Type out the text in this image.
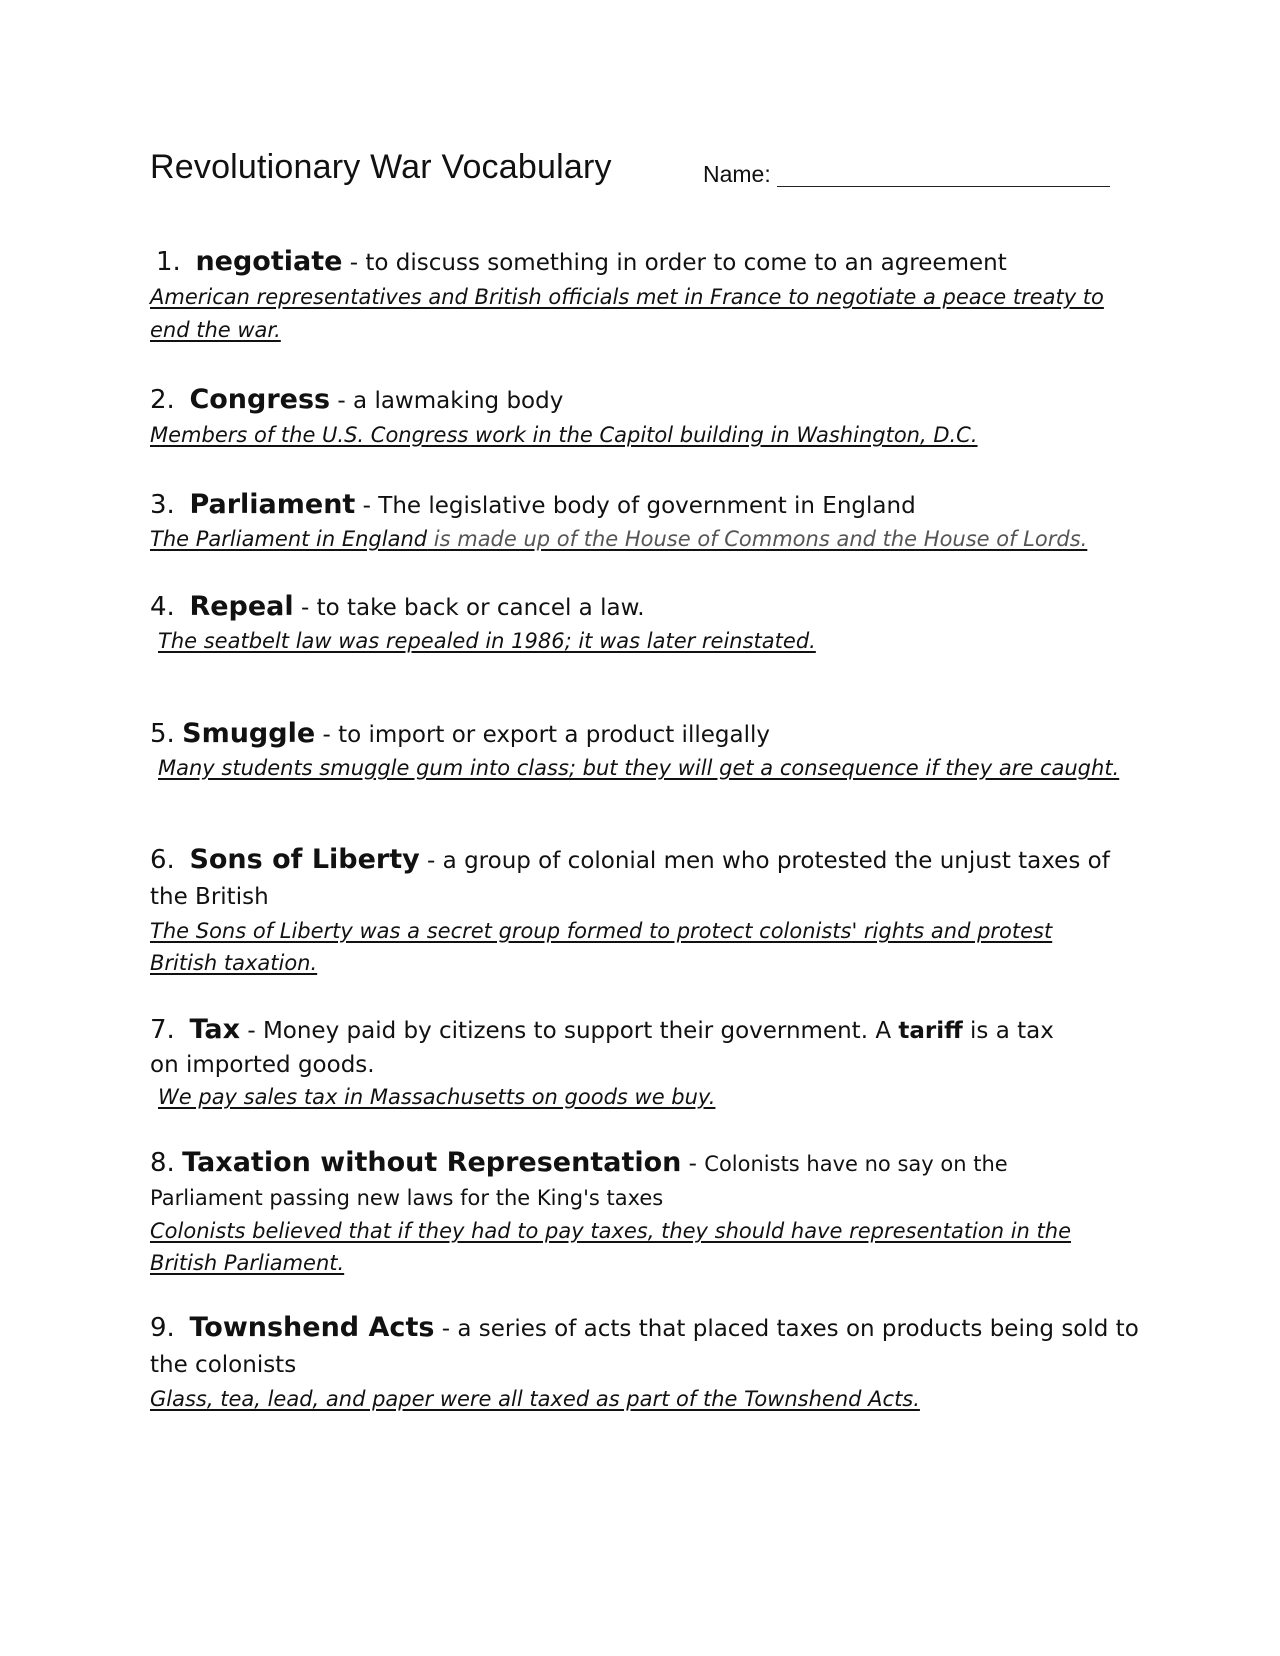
Revolutionary War Vocabulary	Name:

1. negotiate - to discuss something in order to come to an agreement

American representatives and British officials met in France to negotiate a peace treaty to end the war.

2. Congress - a lawmaking body

Members of the U.S. Congress work in the Capitol building in Washington, D.C.

3. Parliament - The legislative body of government in England

The Parliament in England is made up of the House of Commons and the House of Lords.

4. Repeal - to take back or cancel a law.

The seatbelt law was repealed in 1986; it was later reinstated.

5. Smuggle - to import or export a product illegally

Many students smuggle gum into class; but they will get a consequence if they are caught.

6. Sons of Liberty - a group of colonial men who protested the unjust taxes of the British

The Sons of Liberty was a secret group formed to protect colonists' rights and protest British taxation.

7. Tax - Money paid by citizens to support their government. A tariff is a tax on imported goods.

We pay sales tax in Massachusetts on goods we buy.

8. Taxation without Representation - Colonists have no say on the Parliament passing new laws for the King's taxes

Colonists believed that if they had to pay taxes, they should have representation in the British Parliament.

9. Townshend Acts - a series of acts that placed taxes on products being sold to the colonists

Glass, tea, lead, and paper were all taxed as part of the Townshend Acts.
